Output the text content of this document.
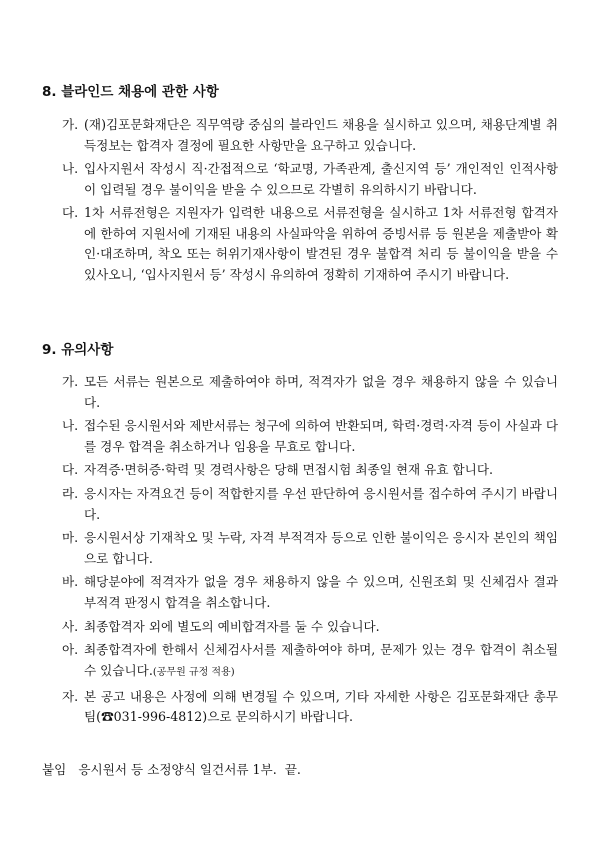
8. 블라인드 채용에 관한 사항
가. (재)김포문화재단은 직무역량 중심의 블라인드 채용을 실시하고 있으며, 채용단계별 취득정보는 합격자 결정에 필요한 사항만을 요구하고 있습니다.
나. 입사지원서 작성시 직·간접적으로 ‘학교명, 가족관계, 출신지역 등’ 개인적인 인적사항이 입력될 경우 불이익을 받을 수 있으므로 각별히 유의하시기 바랍니다.
다. 1차 서류전형은 지원자가 입력한 내용으로 서류전형을 실시하고 1차 서류전형 합격자에 한하여 지원서에 기재된 내용의 사실파악을 위하여 증빙서류 등 원본을 제출받아 확인·대조하며, 착오 또는 허위기재사항이 발견된 경우 불합격 처리 등 불이익을 받을 수 있사오니, ‘입사지원서 등’ 작성시 유의하여 정확히 기재하여 주시기 바랍니다.
9. 유의사항
가. 모든 서류는 원본으로 제출하여야 하며, 적격자가 없을 경우 채용하지 않을 수 있습니다.
나. 접수된 응시원서와 제반서류는 청구에 의하여 반환되며, 학력·경력·자격 등이 사실과 다를 경우 합격을 취소하거나 임용을 무효로 합니다.
다. 자격증·면허증·학력 및 경력사항은 당해 면접시험 최종일 현재 유효 합니다.
라. 응시자는 자격요건 등이 적합한지를 우선 판단하여 응시원서를 접수하여 주시기 바랍니다.
마. 응시원서상 기재착오 및 누락, 자격 부적격자 등으로 인한 불이익은 응시자 본인의 책임으로 합니다.
바. 해당분야에 적격자가 없을 경우 채용하지 않을 수 있으며, 신원조회 및 신체검사 결과 부적격 판정시 합격을 취소합니다.
사. 최종합격자 외에 별도의 예비합격자를 둘 수 있습니다.
아. 최종합격자에 한해서 신체검사서를 제출하여야 하며, 문제가 있는 경우 합격이 취소될 수 있습니다.(공무원 규정 적용)
자. 본 공고 내용은 사정에 의해 변경될 수 있으며, 기타 자세한 사항은 김포문화재단 총무팀(☎031-996-4812)으로 문의하시기 바랍니다.

붙임 응시원서 등 소정양식 일건서류 1부. 끝.
